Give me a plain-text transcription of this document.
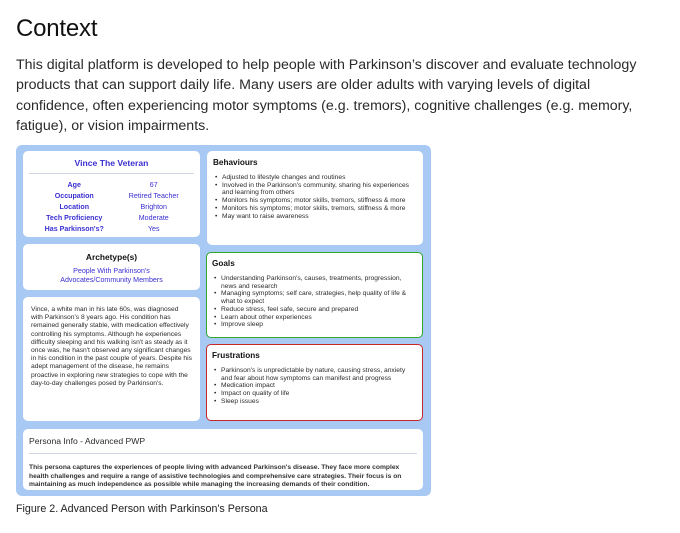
Context

This digital platform is developed to help people with Parkinson’s discover and evaluate technology products that can support daily life. Many users are older adults with varying levels of digital confidence, often experiencing motor symptoms (e.g. tremors), cognitive challenges (e.g. memory, fatigue), or vision impairments.

Vince The Veteran
Age	67
Occupation	Retired Teacher
Location	Brighton
Tech Proficiency	Moderate
Has Parkinson's?	Yes
Archetype(s)
People With Parkinson's
Advocates/Community Members

Vince, a white man in his late 60s, was diagnosed with Parkinson's 8 years ago. His condition has remained generally stable, with medication effectively controlling his symptoms. Although he experiences difficulty sleeping and his walking isn't as steady as it once was, he hasn't observed any significant changes in his condition in the past couple of years. Despite his adept management of the disease, he remains proactive in exploring new strategies to cope with the day-to-day challenges posed by Parkinson's.

Behaviours
• Adjusted to lifestyle changes and routines
• Involved in the Parkinson's community, sharing his experiences and learning from others
• Monitors his symptoms; motor skills, tremors, stiffness & more
• Monitors his symptoms; motor skills, tremors, stiffness & more
• May want to raise awareness
Goals
• Understanding Parkinson's, causes, treatments, progression, news and research
• Managing symptoms; self care, strategies, help quality of life & what to expect
• Reduce stress, feel safe, secure and prepared
• Learn about other experiences
• Improve sleep
Frustrations
• Parkinson's is unpredictable by nature, causing stress, anxiety and fear about how symptoms can manifest and progress
• Medication impact
• Impact on quality of life
• Sleep issues
Persona Info - Advanced PWP

This persona captures the experiences of people living with advanced Parkinson's disease. They face more complex health challenges and require a range of assistive technologies and comprehensive care strategies. Their focus is on maintaining as much independence as possible while managing the increasing demands of their condition.

Figure 2. Advanced Person with Parkinson's Persona
